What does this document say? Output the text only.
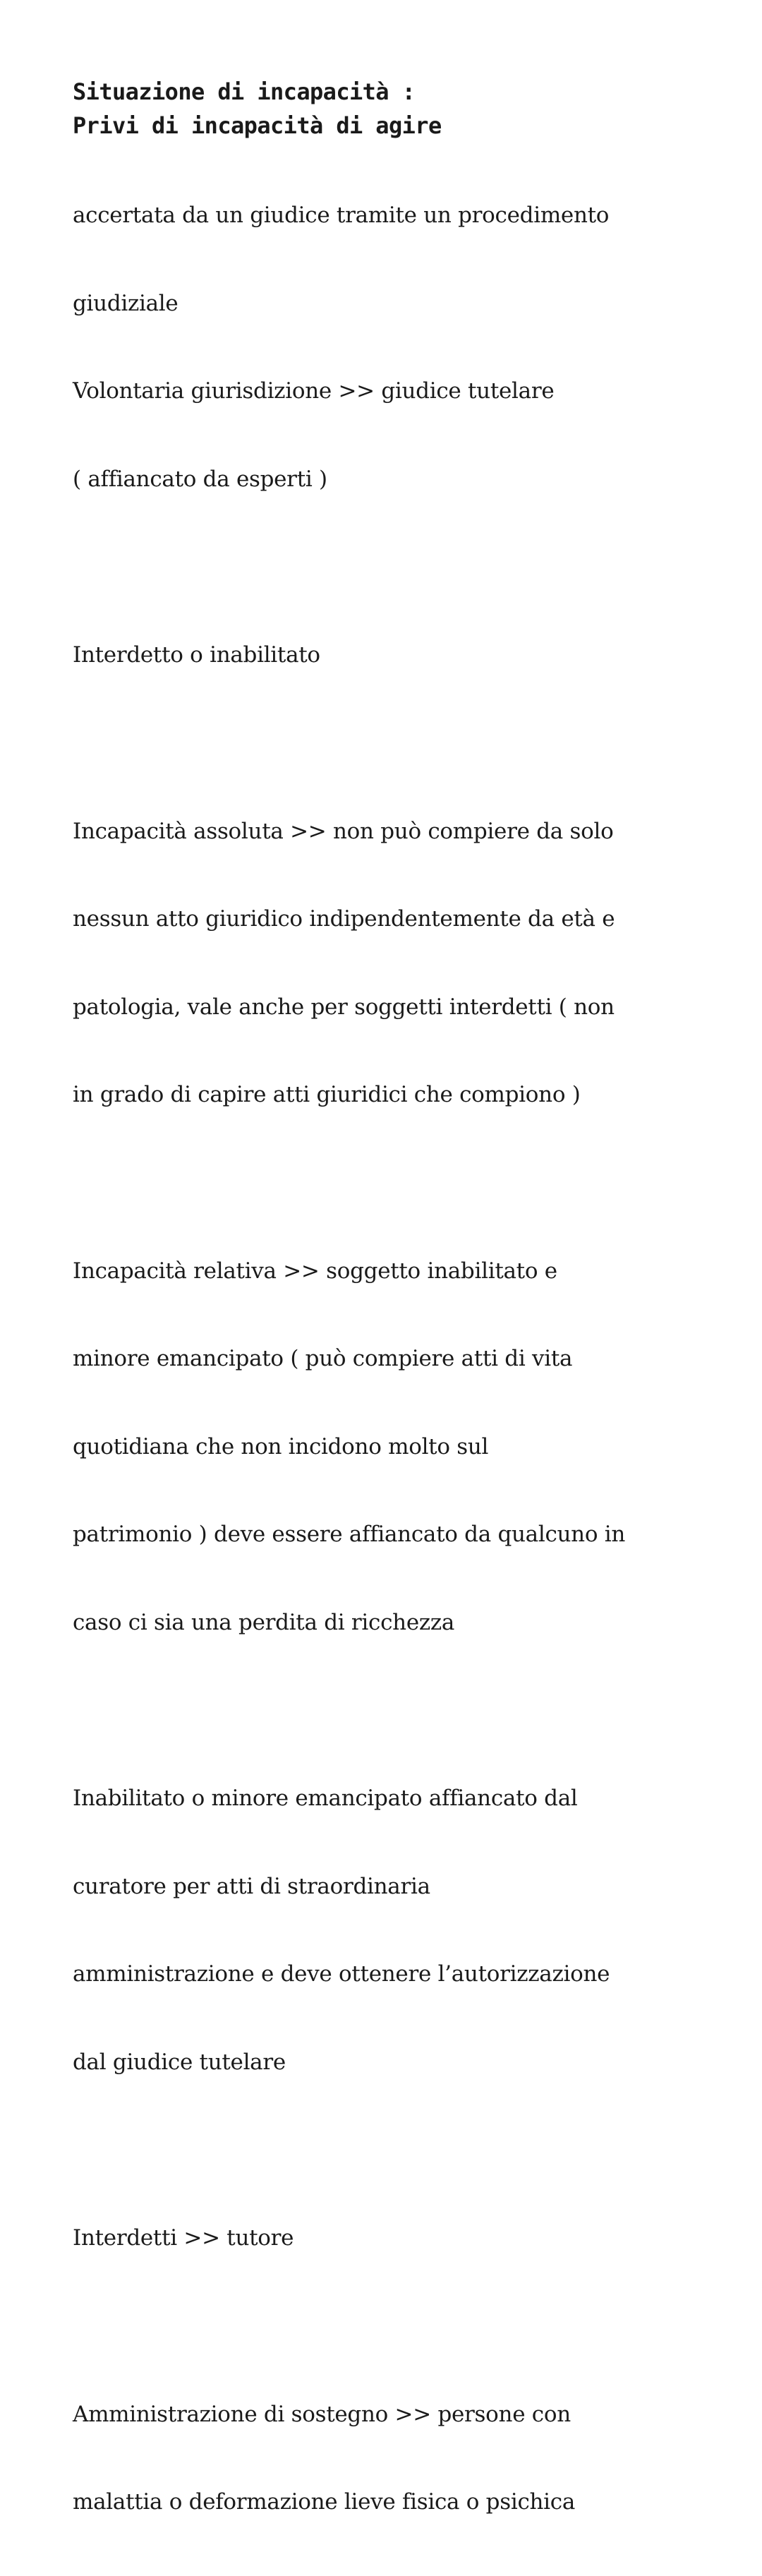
Situazione di incapacità :
Privi di incapacità di agire

accertata da un giudice tramite un procedimento

giudiziale

Volontaria giurisdizione >> giudice tutelare

( affiancato da esperti )

Interdetto o inabilitato

Incapacità assoluta >> non può compiere da solo

nessun atto giuridico indipendentemente da età e

patologia, vale anche per soggetti interdetti ( non

in grado di capire atti giuridici che compiono )

Incapacità relativa >> soggetto inabilitato e

minore emancipato ( può compiere atti di vita

quotidiana che non incidono molto sul

patrimonio ) deve essere affiancato da qualcuno in

caso ci sia una perdita di ricchezza

Inabilitato o minore emancipato affiancato dal

curatore per atti di straordinaria

amministrazione e deve ottenere l’autorizzazione

dal giudice tutelare

Interdetti >> tutore

Amministrazione di sostegno >> persone con

malattia o deformazione lieve fisica o psichica
